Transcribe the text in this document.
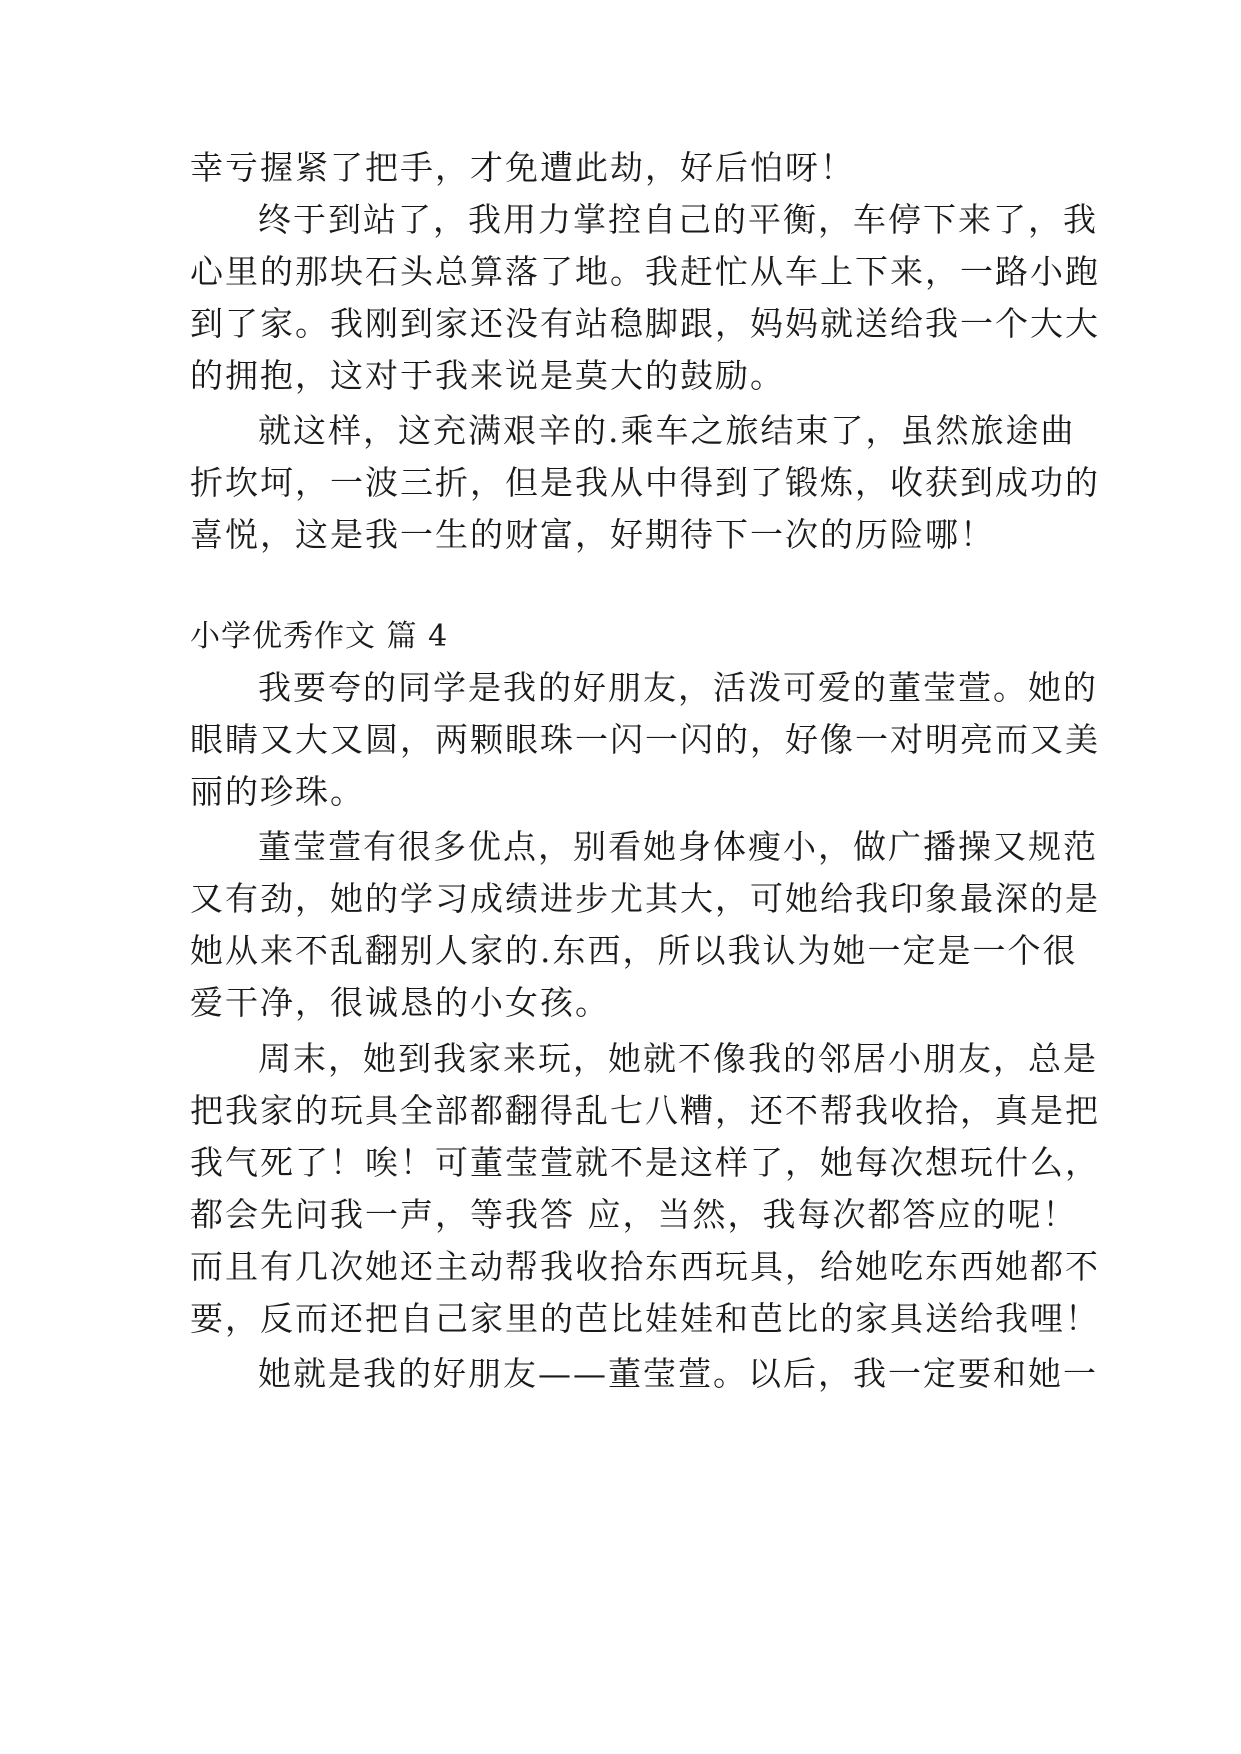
幸亏握紧了把手，才免遭此劫，好后怕呀！
终于到站了，我用力掌控自己的平衡，车停下来了，我
心里的那块石头总算落了地。我赶忙从车上下来，一路小跑
到了家。我刚到家还没有站稳脚跟，妈妈就送给我一个大大
的拥抱，这对于我来说是莫大的鼓励。
就这样，这充满艰辛的.乘车之旅结束了，虽然旅途曲
折坎坷，一波三折，但是我从中得到了锻炼，收获到成功的
喜悦，这是我一生的财富，好期待下一次的历险哪！
小学优秀作文 篇 4
我要夸的同学是我的好朋友，活泼可爱的董莹萱。她的
眼睛又大又圆，两颗眼珠一闪一闪的，好像一对明亮而又美
丽的珍珠。
董莹萱有很多优点，别看她身体瘦小，做广播操又规范
又有劲，她的学习成绩进步尤其大，可她给我印象最深的是
她从来不乱翻别人家的.东西，所以我认为她一定是一个很
爱干净，很诚恳的小女孩。
周末，她到我家来玩，她就不像我的邻居小朋友，总是
把我家的玩具全部都翻得乱七八糟，还不帮我收拾，真是把
我气死了！唉！可董莹萱就不是这样了，她每次想玩什么，
都会先问我一声，等我答 应，当然，我每次都答应的呢！
而且有几次她还主动帮我收拾东西玩具，给她吃东西她都不
要，反而还把自己家里的芭比娃娃和芭比的家具送给我哩！
她就是我的好朋友——董莹萱。以后，我一定要和她一
